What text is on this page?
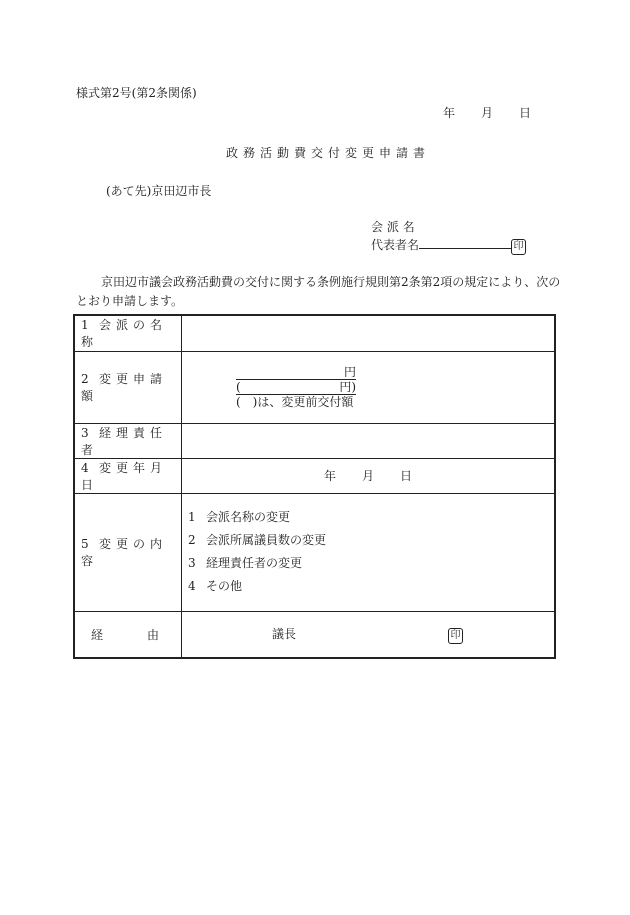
様式第2号(第2条関係)
年 月 日
政務活動費交付変更申請書
(あて先)京田辺市長
会 派 名
代表者名	印
京田辺市議会政務活動費の交付に関する条例施行規則第2条第2項の規定により、次の
とおり申請します。
1 会派の名称	
2 変更申請額	円
( 円)
(　)は、変更前交付額

3 経理責任者	
4 変更年月日	年 月 日
5 変更の内容	1 会派名称の変更
2 会派所属議員数の変更
3 経理責任者の変更
4 その他

経 由	議長 印
